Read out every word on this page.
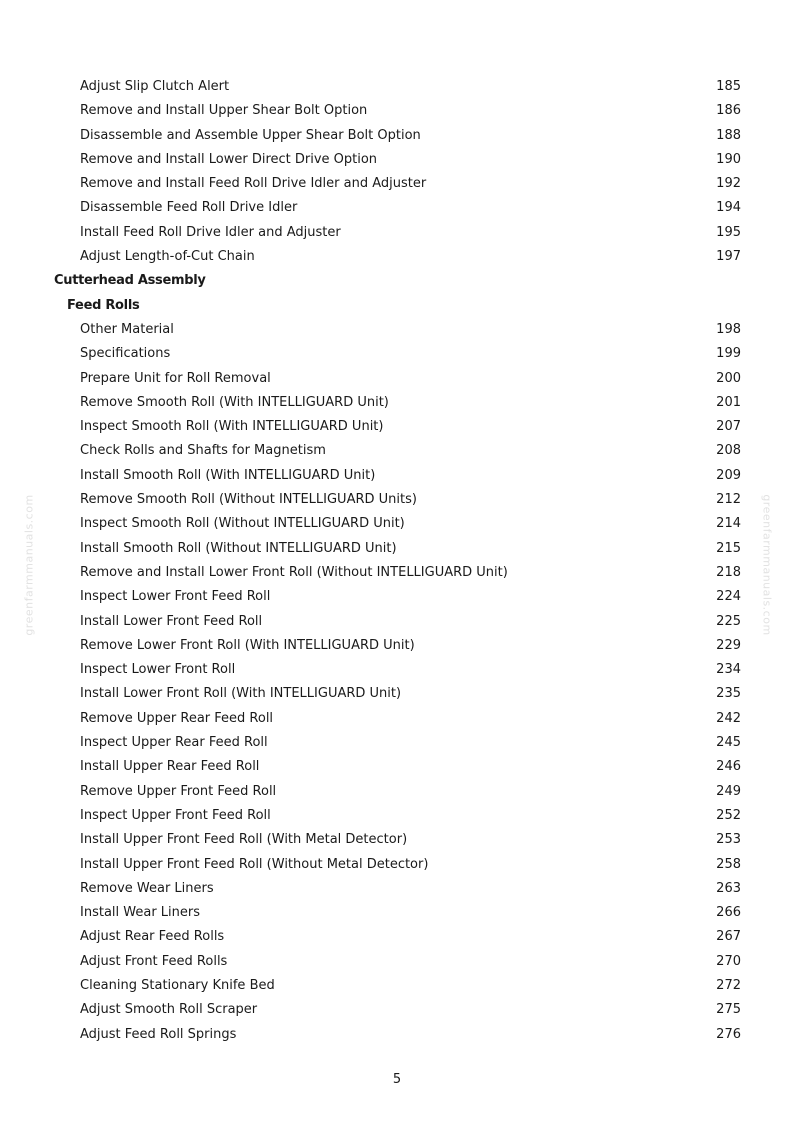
greenfarmmanuals.com	greenfarmmanuals.com
Adjust Slip Clutch Alert	185
Remove and Install Upper Shear Bolt Option	186
Disassemble and Assemble Upper Shear Bolt Option	188
Remove and Install Lower Direct Drive Option	190
Remove and Install Feed Roll Drive Idler and Adjuster	192
Disassemble Feed Roll Drive Idler	194
Install Feed Roll Drive Idler and Adjuster	195
Adjust Length-of-Cut Chain	197
Cutterhead Assembly
Feed Rolls
Other Material	198
Specifications	199
Prepare Unit for Roll Removal	200
Remove Smooth Roll (With INTELLIGUARD Unit)	201
Inspect Smooth Roll (With INTELLIGUARD Unit)	207
Check Rolls and Shafts for Magnetism	208
Install Smooth Roll (With INTELLIGUARD Unit)	209
Remove Smooth Roll (Without INTELLIGUARD Units)	212
Inspect Smooth Roll (Without INTELLIGUARD Unit)	214
Install Smooth Roll (Without INTELLIGUARD Unit)	215
Remove and Install Lower Front Roll (Without INTELLIGUARD Unit)	218
Inspect Lower Front Feed Roll	224
Install Lower Front Feed Roll	225
Remove Lower Front Roll (With INTELLIGUARD Unit)	229
Inspect Lower Front Roll	234
Install Lower Front Roll (With INTELLIGUARD Unit)	235
Remove Upper Rear Feed Roll	242
Inspect Upper Rear Feed Roll	245
Install Upper Rear Feed Roll	246
Remove Upper Front Feed Roll	249
Inspect Upper Front Feed Roll	252
Install Upper Front Feed Roll (With Metal Detector)	253
Install Upper Front Feed Roll (Without Metal Detector)	258
Remove Wear Liners	263
Install Wear Liners	266
Adjust Rear Feed Rolls	267
Adjust Front Feed Rolls	270
Cleaning Stationary Knife Bed	272
Adjust Smooth Roll Scraper	275
Adjust Feed Roll Springs	276
5
